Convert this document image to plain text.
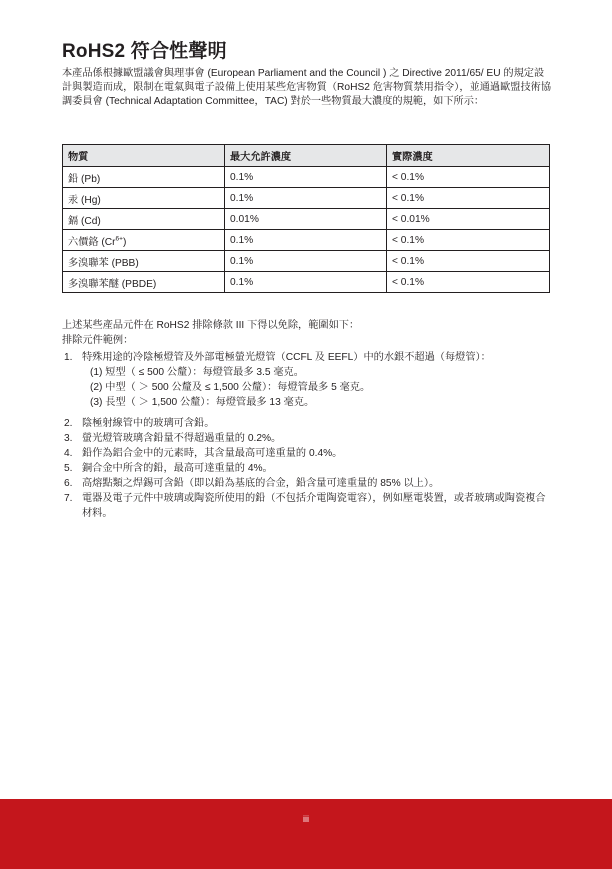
RoHS2 符合性聲明
本產品係根據歐盟議會與理事會 (European Parliament and the Council ) 之 Directive 2011/65/ EU 的規定設計與製造而成，限制在電氣與電子設備上使用某些危害物質（RoHS2 危害物質禁用指令），並通過歐盟技術協調委員會 (Technical Adaptation Committee，TAC) 對於一些物質最大濃度的規範，如下所示：
物質	最大允許濃度	實際濃度
鉛 (Pb)	0.1%	< 0.1%
汞 (Hg)	0.1%	< 0.1%
鎘 (Cd)	0.01%	< 0.01%
六價鉻 $(Cr^{6+})$	0.1%	< 0.1%
多溴聯苯 (PBB)	0.1%	< 0.1%
多溴聯苯醚 (PBDE)	0.1%	< 0.1%
上述某些產品元件在 RoHS2 排除條款 III 下得以免除，範圍如下：
排除元件範例：
1. 特殊用途的冷陰極燈管及外部電極螢光燈管（CCFL 及 EEFL）中的水銀不超過（每燈管）：
(1) 短型（ ≤ 500 公釐）：每燈管最多 3.5 毫克。
(2) 中型（ ＞ 500 公釐及 ≤ 1,500 公釐）：每燈管最多 5 毫克。
(3) 長型（ ＞ 1,500 公釐）：每燈管最多 13 毫克。
2. 陰極射線管中的玻璃可含鉛。
3. 螢光燈管玻璃含鉛量不得超過重量的 0.2%。
4. 鉛作為鋁合金中的元素時，其含量最高可達重量的 0.4%。
5. 銅合金中所含的鉛，最高可達重量的 4%。
6. 高熔點類之焊錫可含鉛（即以鉛為基底的合金，鉛含量可達重量的 85% 以上）。
7. 電器及電子元件中玻璃或陶瓷所使用的鉛（不包括介電陶瓷電容），例如壓電裝置，或者玻璃或陶瓷複合材料。
iii
